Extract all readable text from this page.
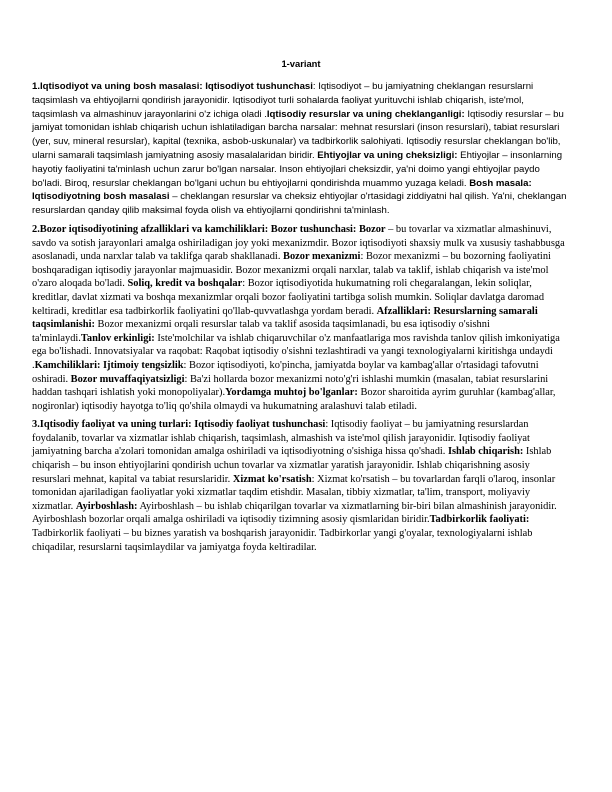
1-variant

1.Iqtisodiyot va uning bosh masalasi: Iqtisodiyot tushunchasi: Iqtisodiyot – bu jamiyatning cheklangan resurslarni taqsimlash va ehtiyojlarni qondirish jarayonidir. Iqtisodiyot turli sohalarda faoliyat yurituvchi ishlab chiqarish, iste'mol, taqsimlash va almashinuv jarayonlarini o'z ichiga oladi .Iqtisodiy resurslar va uning cheklanganligi: Iqtisodiy resurslar – bu jamiyat tomonidan ishlab chiqarish uchun ishlatiladigan barcha narsalar: mehnat resurslari (inson resurslari), tabiat resurslari (yer, suv, mineral resurslar), kapital (texnika, asbob-uskunalar) va tadbirkorlik salohiyati. Iqtisodiy resurslar cheklangan bo'lib, ularni samarali taqsimlash jamiyatning asosiy masalalaridan biridir. Ehtiyojlar va uning cheksizligi: Ehtiyojlar – insonlarning hayotiy faoliyatini ta'minlash uchun zarur bo'lgan narsalar. Inson ehtiyojlari cheksizdir, ya'ni doimo yangi ehtiyojlar paydo bo'ladi. Biroq, resurslar cheklangan bo'lgani uchun bu ehtiyojlarni qondirishda muammo yuzaga keladi. Bosh masala: Iqtisodiyotning bosh masalasi – cheklangan resurslar va cheksiz ehtiyojlar o'rtasidagi ziddiyatni hal qilish. Ya'ni, cheklangan resurslardan qanday qilib maksimal foyda olish va ehtiyojlarni qondirishni ta'minlash.

2.Bozor iqtisodiyotining afzalliklari va kamchiliklari: Bozor tushunchasi: Bozor – bu tovarlar va xizmatlar almashinuvi, savdo va sotish jarayonlari amalga oshiriladigan joy yoki mexanizmdir. Bozor iqtisodiyoti shaxsiy mulk va xususiy tashabbusga asoslanadi, unda narxlar talab va taklifga qarab shakllanadi. Bozor mexanizmi: Bozor mexanizmi – bu bozorning faoliyatini boshqaradigan iqtisodiy jarayonlar majmuasidir. Bozor mexanizmi orqali narxlar, talab va taklif, ishlab chiqarish va iste'mol o'zaro aloqada bo'ladi. Soliq, kredit va boshqalar: Bozor iqtisodiyotida hukumatning roli chegaralangan, lekin soliqlar, kreditlar, davlat xizmati va boshqa mexanizmlar orqali bozor faoliyatini tartibga solish mumkin. Soliqlar davlatga daromad keltiradi, kreditlar esa tadbirkorlik faoliyatini qo'llab-quvvatlashga yordam beradi. Afzalliklari: Resurslarning samarali taqsimlanishi: Bozor mexanizmi orqali resurslar talab va taklif asosida taqsimlanadi, bu esa iqtisodiy o'sishni ta'minlaydi.Tanlov erkinligi: Iste'molchilar va ishlab chiqaruvchilar o'z manfaatlariga mos ravishda tanlov qilish imkoniyatiga ega bo'lishadi. Innovatsiyalar va raqobat: Raqobat iqtisodiy o'sishni tezlashtiradi va yangi texnologiyalarni kiritishga undaydi .Kamchiliklari: Ijtimoiy tengsizlik: Bozor iqtisodiyoti, ko'pincha, jamiyatda boylar va kambag'allar o'rtasidagi tafovutni oshiradi. Bozor muvaffaqiyatsizligi: Ba'zi hollarda bozor mexanizmi noto'g'ri ishlashi mumkin (masalan, tabiat resurslarini haddan tashqari ishlatish yoki monopoliyalar).Yordamga muhtoj bo'lganlar: Bozor sharoitida ayrim guruhlar (kambag'allar, nogironlar) iqtisodiy hayotga to'liq qo'shila olmaydi va hukumatning aralashuvi talab etiladi.

3.Iqtisodiy faoliyat va uning turlari: Iqtisodiy faoliyat tushunchasi: Iqtisodiy faoliyat – bu jamiyatning resurslardan foydalanib, tovarlar va xizmatlar ishlab chiqarish, taqsimlash, almashish va iste'mol qilish jarayonidir. Iqtisodiy faoliyat jamiyatning barcha a'zolari tomonidan amalga oshiriladi va iqtisodiyotning o'sishiga hissa qo'shadi. Ishlab chiqarish: Ishlab chiqarish – bu inson ehtiyojlarini qondirish uchun tovarlar va xizmatlar yaratish jarayonidir. Ishlab chiqarishning asosiy resurslari mehnat, kapital va tabiat resurslaridir. Xizmat ko'rsatish: Xizmat ko'rsatish – bu tovarlardan farqli o'laroq, insonlar tomonidan ajariladigan faoliyatlar yoki xizmatlar taqdim etishdir. Masalan, tibbiy xizmatlar, ta'lim, transport, moliyaviy xizmatlar. Ayirboshlash: Ayirboshlash – bu ishlab chiqarilgan tovarlar va xizmatlarning bir-biri bilan almashinish jarayonidir. Ayirboshlash bozorlar orqali amalga oshiriladi va iqtisodiy tizimning asosiy qismlaridan biridir.Tadbirkorlik faoliyati: Tadbirkorlik faoliyati – bu biznes yaratish va boshqarish jarayonidir. Tadbirkorlar yangi g'oyalar, texnologiyalarni ishlab chiqadilar, resurslarni taqsimlaydilar va jamiyatga foyda keltiradilar.
